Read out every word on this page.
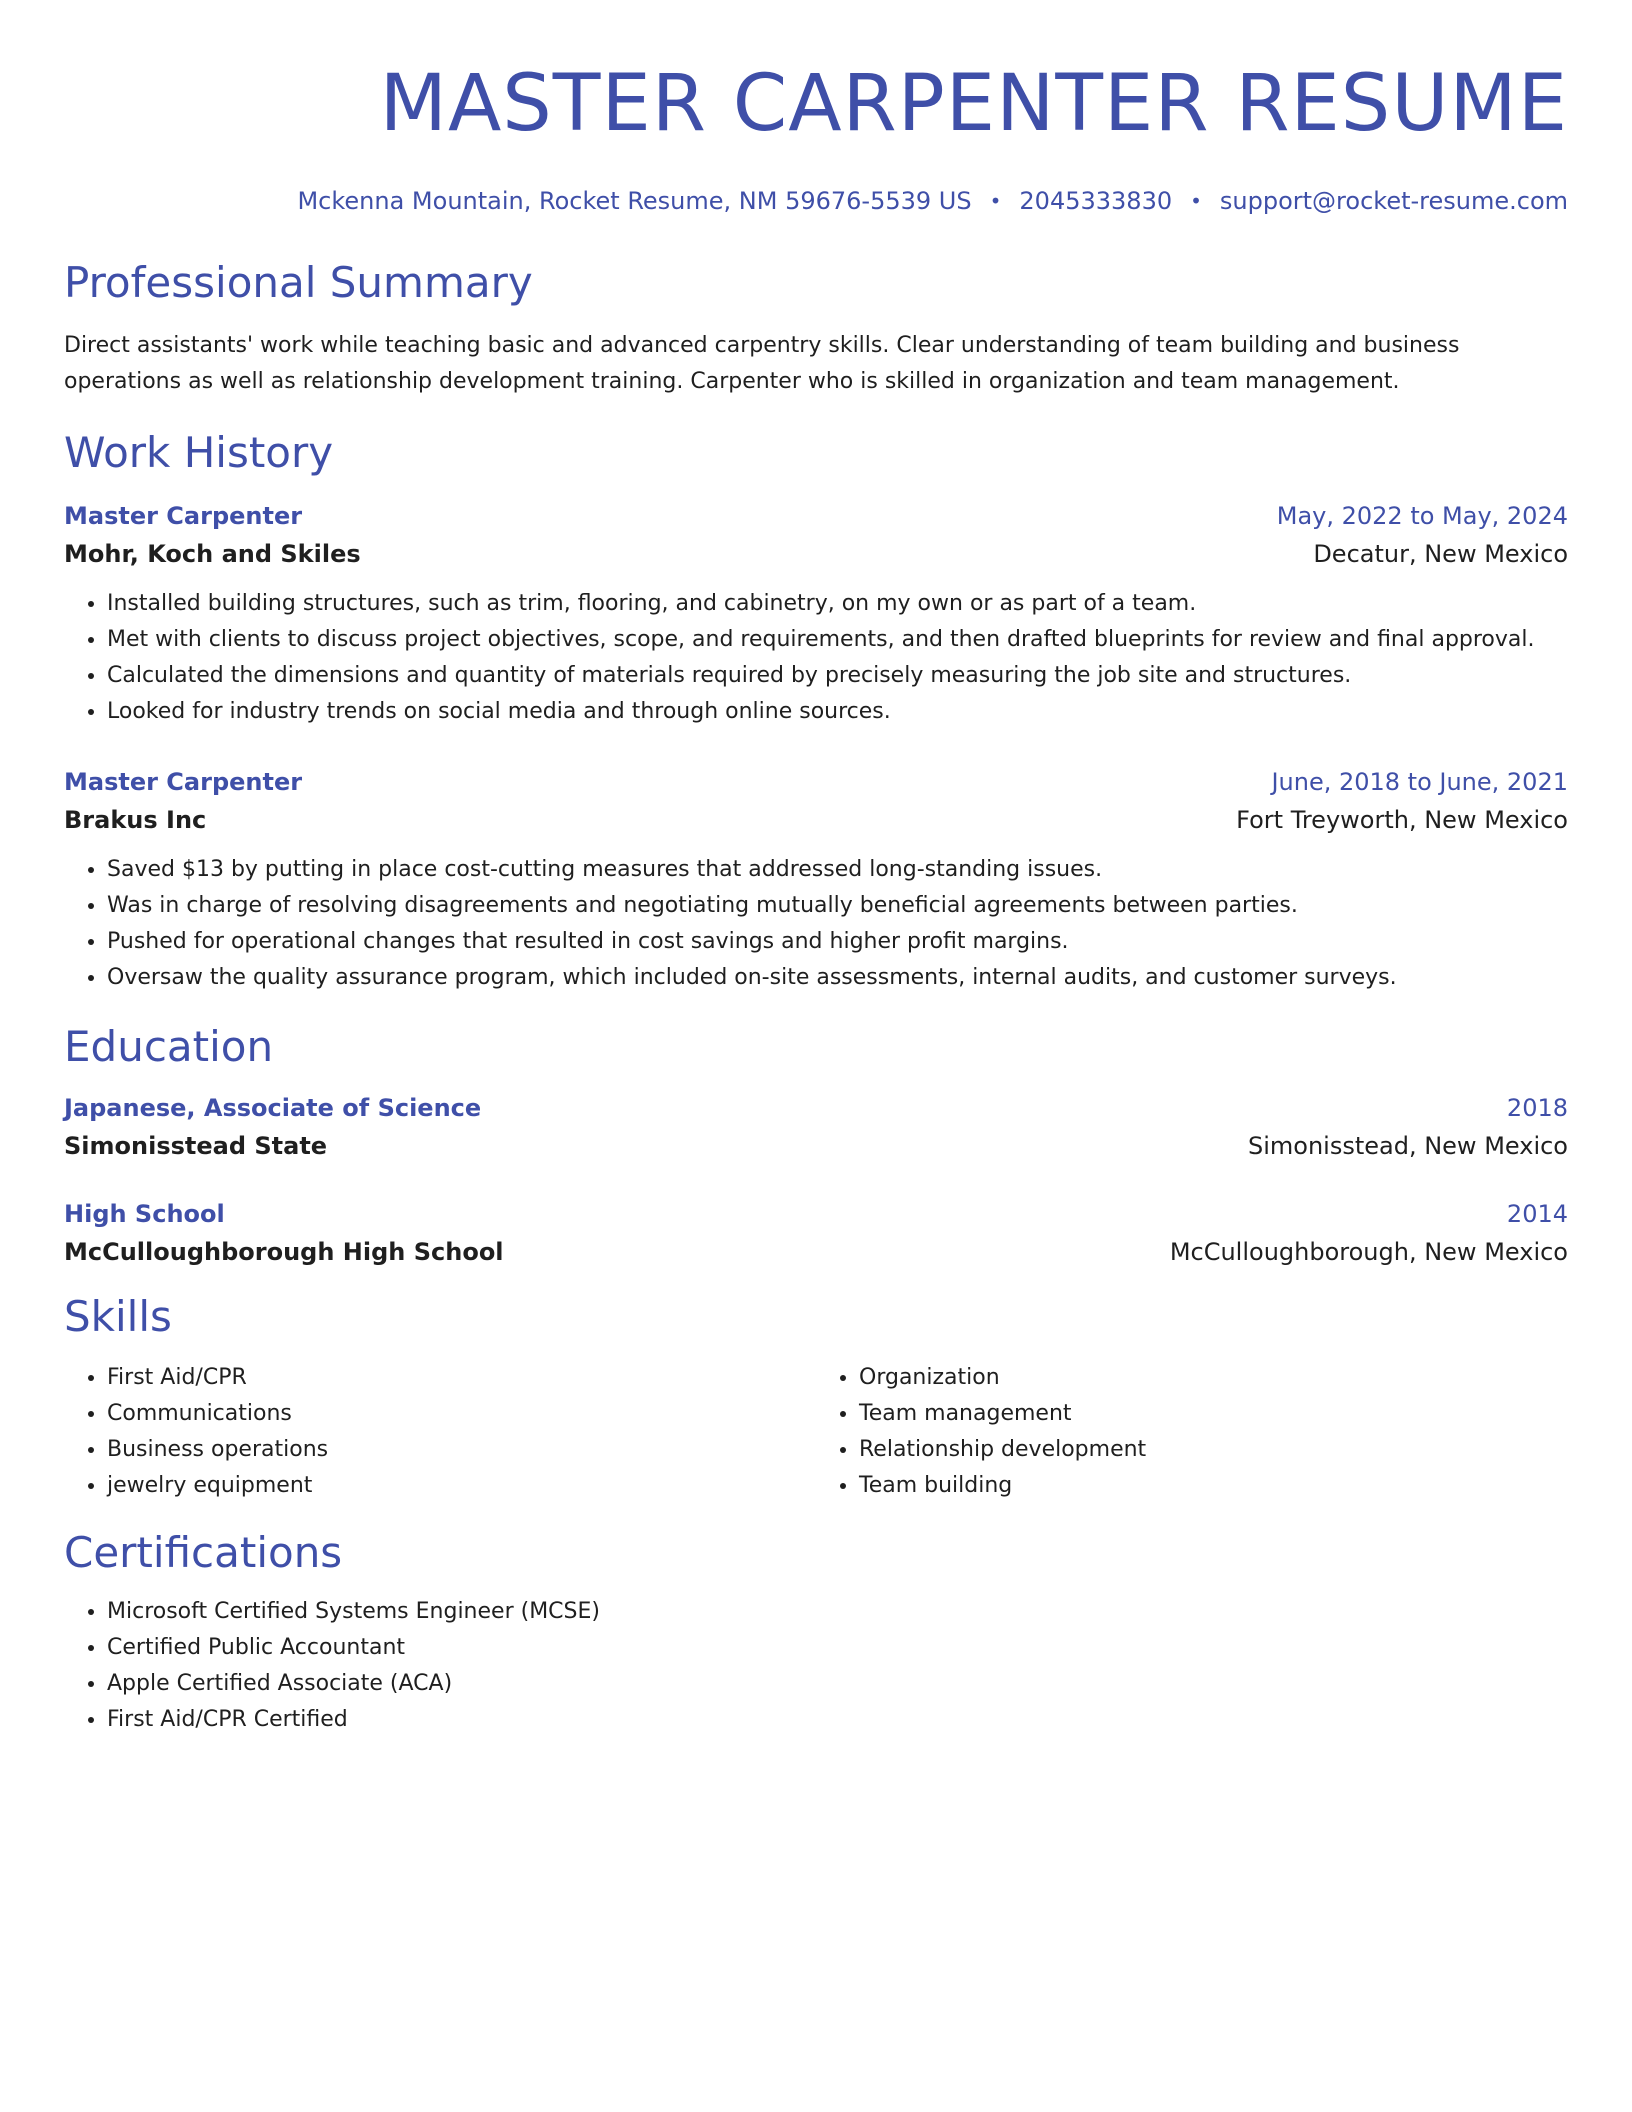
MASTER CARPENTER RESUME
Mckenna Mountain, Rocket Resume, NM 59676-5539 US • 2045333830 • support@rocket-resume.com
Professional Summary
Direct assistants' work while teaching basic and advanced carpentry skills. Clear understanding of team building and business operations as well as relationship development training. Carpenter who is skilled in organization and team management.
Work History
Master Carpenter	May, 2022 to May, 2024
Mohr, Koch and Skiles	Decatur, New Mexico
• Installed building structures, such as trim, flooring, and cabinetry, on my own or as part of a team.
• Met with clients to discuss project objectives, scope, and requirements, and then drafted blueprints for review and final approval.
• Calculated the dimensions and quantity of materials required by precisely measuring the job site and structures.
• Looked for industry trends on social media and through online sources.
Master Carpenter	June, 2018 to June, 2021
Brakus Inc	Fort Treyworth, New Mexico
• Saved $13 by putting in place cost-cutting measures that addressed long-standing issues.
• Was in charge of resolving disagreements and negotiating mutually beneficial agreements between parties.
• Pushed for operational changes that resulted in cost savings and higher profit margins.
• Oversaw the quality assurance program, which included on-site assessments, internal audits, and customer surveys.
Education
Japanese, Associate of Science	2018
Simonisstead State	Simonisstead, New Mexico
High School	2014
McCulloughborough High School	McCulloughborough, New Mexico
Skills
• First Aid/CPR
• Communications
• Business operations
• jewelry equipment
• Organization
• Team management
• Relationship development
• Team building
Certifications
• Microsoft Certified Systems Engineer (MCSE)
• Certified Public Accountant
• Apple Certified Associate (ACA)
• First Aid/CPR Certified
